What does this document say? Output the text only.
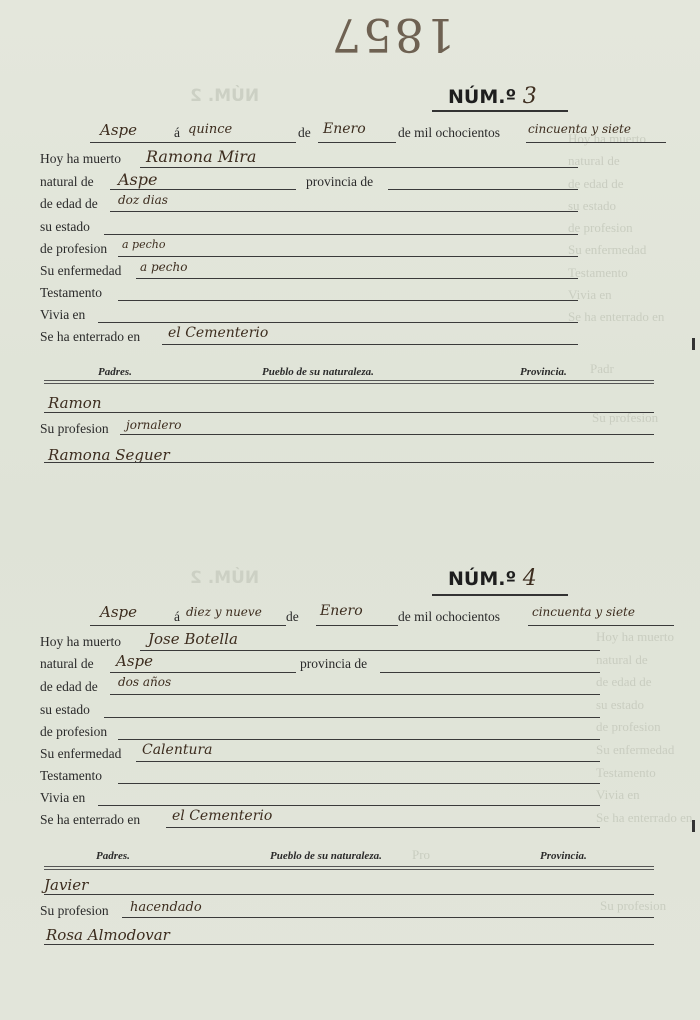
1857
NÚM. 2
Hoy ha muerto
natural de
de edad de
su estado
de profesion
Su enfermedad
Testamento
Vivia en
Se ha enterrado en
Padr
Su profesion
NÚM. 2
Hoy ha muerto
natural de
de edad de
su estado
de profesion
Su enfermedad
Testamento
Vivia en
Se ha enterrado en
Pro
Su profesion
NÚM.º 3
Aspe	á quince	de Enero de mil ochocientos cincuenta y siete
Hoy ha muerto Ramona Mira
natural de Aspe	provincia de
de edad de doz dias
su estado
de profesion a pecho
Su enfermedad a pecho
Testamento
Vivia en
Se ha enterrado en el Cementerio
Padres.	Pueblo de su naturaleza.	Provincia.
Ramon
Su profesion jornalero
Ramona Seguer
NÚM.º 4
Aspe	á diez y nueve de Enero	de mil ochocientos	cincuenta y siete
Hoy ha muerto Jose Botella
natural de Aspe	provincia de
de edad de dos años
su estado
de profesion
Su enfermedad Calentura
Testamento
Vivia en
Se ha enterrado en el Cementerio
Padres.	Pueblo de su naturaleza.	Provincia.
Javier
Su profesion hacendado
Rosa Almodovar
